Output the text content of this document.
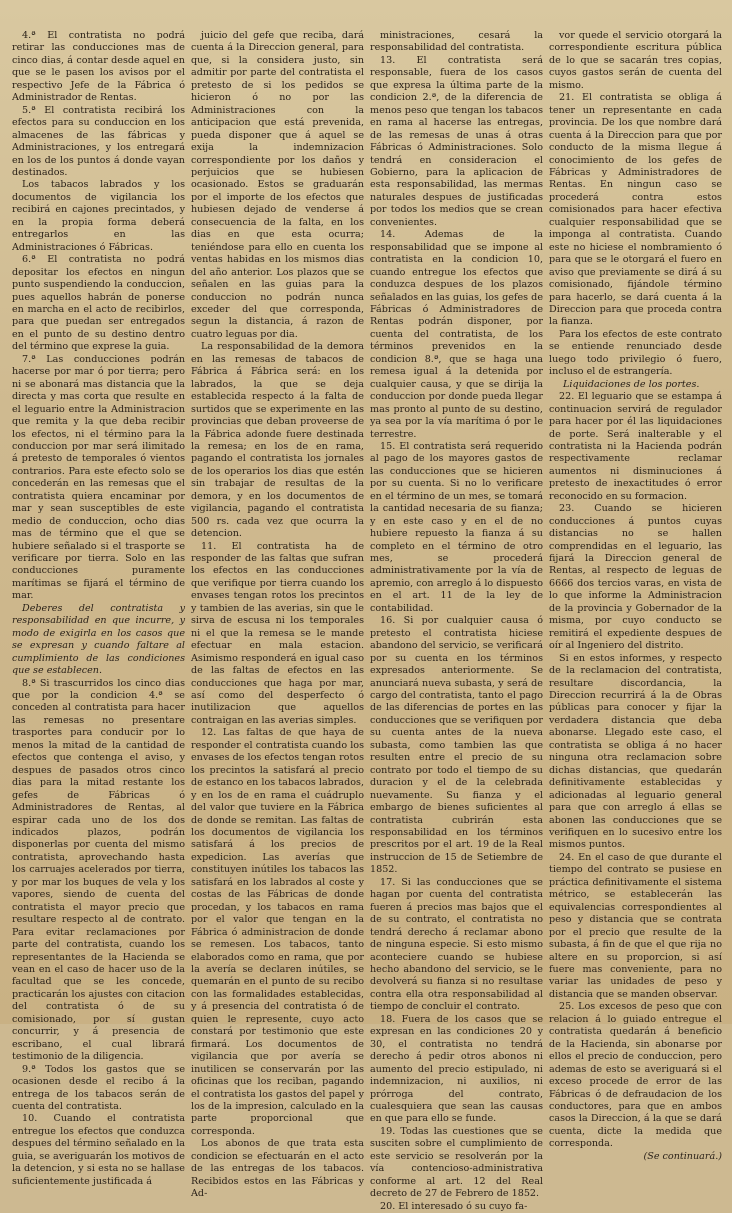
4.ª El contratista no podrá retirar las conducciones mas de cinco dias, á contar desde aquel en que se le pasen los avisos por el respectivo Jefe de la Fábrica ó Administrador de Rentas.

5.ª El contratista recibirá los efectos para su conduccion en los almacenes de las fábricas y Administraciones, y los entregará en los de los puntos á donde vayan destinados.

Los tabacos labrados y los documentos de vigilancia los recibirá en cajones precintados, y en la propia forma deberá entregarlos en las Administraciones ó Fábricas.

6.ª El contratista no podrá depositar los efectos en ningun punto suspendiendo la conduccion, pues aquellos habrán de ponerse en marcha en el acto de recibirlos, para que puedan ser entregados en el punto de su destino dentro del término que exprese la guia.

7.ª Las conducciones podrán hacerse por mar ó por tierra; pero ni se abonará mas distancia que la directa y mas corta que resulte en el leguario entre la Administracion que remita y la que deba recibir los efectos, ni el término para la conduccion por mar será ilimitado á pretesto de temporales ó vientos contrarios. Para este efecto solo se concederán en las remesas que el contratista quiera encaminar por mar y sean susceptibles de este medio de conduccion, ocho dias mas de término que el que se hubiere señalado si el trasporte se verificare por tierra. Solo en las conducciones puramente marítimas se fijará el término de mar.

Deberes del contratista y responsabilidad en que incurre, y modo de exigirla en los casos que se expresan y cuando faltare al cumplimiento de las condiciones que se establecen.

8.ª Si trascurridos los cinco dias que por la condicion 4.ª se conceden al contratista para hacer las remesas no presentare trasportes para conducir por lo menos la mitad de la cantidad de efectos que contenga el aviso, y despues de pasados otros cinco dias para la mitad restante los gefes de Fábricas ó Administradores de Rentas, al espirar cada uno de los dos indicados plazos, podrán disponerlas por cuenta del mismo contratista, aprovechando hasta los carruajes acelerados por tierra, y por mar los buques de vela y los vapores, siendo de cuenta del contratista el mayor precio que resultare respecto al de contrato. Para evitar reclamaciones por parte del contratista, cuando los representantes de la Hacienda se vean en el caso de hacer uso de la facultad que se les concede, practicarán los ajustes con citacion del contratista ó de su comisionado, por sí gustan concurrir, y á presencia de escribano, el cual librará testimonio de la diligencia.

9.ª Todos los gastos que se ocasionen desde el recibo á la entrega de los tabacos serán de cuenta del contratista.

10. Cuando el contratista entregue los efectos que conduzca despues del término señalado en la guia, se averiguarán los motivos de la detencion, y si esta no se hallase suficientemente justificada á

juicio del gefe que reciba, dará cuenta á la Direccion general, para que, si la considera justo, sin admitir por parte del contratista el pretesto de si los pedidos se hicieron ó no por las Administraciones con la anticipacion que está prevenida, pueda disponer que á aquel se exija la indemnizacion correspondiente por los daños y perjuicios que se hubiesen ocasionado. Estos se graduarán por el importe de los efectos que hubiesen dejado de venderse á consecuencia de la falta, en los dias en que esta ocurra; teniéndose para ello en cuenta los ventas habidas en los mismos dias del año anterior. Los plazos que se señalen en las guias para la conduccion no podrán nunca exceder del que corresponda, segun la distancia, á razon de cuatro leguas por dia.

La responsabilidad de la demora en las remesas de tabacos de Fábrica á Fábrica será: en los labrados, la que se deja establecida respecto á la falta de surtidos que se experimente en las provincias que deban proveerse de la Fábrica adonde fuere destinada la remesa; en los de en rama, pagando el contratista los jornales de los operarios los dias que estén sin trabajar de resultas de la demora, y en los documentos de vigilancia, pagando el contratista 500 rs. cada vez que ocurra la detencion.

11. El contratista ha de responder de las faltas que sufran los efectos en las conducciones que verifique por tierra cuando los envases tengan rotos los precintos y tambien de las averias, sin que le sirva de escusa ni los temporales ni el que la remesa se le mande efectuar en mala estacion. Asimismo responderá en igual caso de las faltas de efectos en las conducciones que haga por mar, así como del desperfecto ó inutilizacion que aquellos contraigan en las averias simples.

12. Las faltas de que haya de responder el contratista cuando los envases de los efectos tengan rotos los precintos la satisfará al precio de estanco en los tabacos labrados, y en los de en rama el cuádruplo del valor que tuviere en la Fábrica de donde se remitan. Las faltas de los documentos de vigilancia los satisfará á los precios de expedicion. Las averías que constituyen inútiles los tabacos las satisfará en los labrados al coste y costas de las Fábricas de donde procedan, y los tabacos en rama por el valor que tengan en la Fábrica ó administracion de donde se remesen. Los tabacos, tanto elaborados como en rama, que por la avería se declaren inútiles, se quemarán en el punto de su recibo con las formalidades establecidas, y á presencia del contratista ó de quien le represente, cuyo acto constará por testimonio que este firmará. Los documentos de vigilancia que por avería se inutilicen se conservarán por las oficinas que los reciban, pagando el contratista los gastos del papel y los de la impresion, calculado en la parte proporcional que corresponda.

Los abonos de que trata esta condicion se efectuarán en el acto de las entregas de los tabacos. Recibidos estos en las Fábricas y Ad-

ministraciones, cesará la responsabilidad del contratista.

13. El contratista será responsable, fuera de los casos que expresa la última parte de la condicion 2.ª, de la diferencia de menos peso que tengan los tabacos en rama al hacerse las entregas, de las remesas de unas á otras Fábricas ó Administraciones. Solo tendrá en consideracion el Gobierno, para la aplicacion de esta responsabilidad, las mermas naturales despues de justificadas por todos los medios que se crean convenientes.

14. Ademas de la responsabilidad que se impone al contratista en la condicion 10, cuando entregue los efectos que conduzca despues de los plazos señalados en las guias, los gefes de Fábricas ó Administradores de Rentas podrán disponer, por cuenta del contratista, de los términos prevenidos en la condicion 8.ª, que se haga una remesa igual á la detenida por cualquier causa, y que se dirija la conduccion por donde pueda llegar mas pronto al punto de su destino, ya sea por la vía marítima ó por le terrestre.

15. El contratista será requerido al pago de los mayores gastos de las conducciones que se hicieren por su cuenta. Si no lo verificare en el término de un mes, se tomará la cantidad necesaria de su fianza; y en este caso y en el de no hubiere repuesto la fianza á su completo en el término de otro mes, se procederá administrativamente por la vía de apremio, con arreglo á lo dispuesto en el art. 11 de la ley de contabilidad.

16. Si por cualquier causa ó pretesto el contratista hiciese abandono del servicio, se verificará por su cuenta en los términos expresados anteriormente. Se anunciará nueva subasta, y será de cargo del contratista, tanto el pago de las diferencias de portes en las conducciones que se verifiquen por su cuenta antes de la nueva subasta, como tambien las que resulten entre el precio de su contrato por todo el tiempo de su duracion y el de la celebrada nuevamente. Su fianza y el embargo de bienes suficientes al contratista cubrirán esta responsabilidad en los términos prescritos por el art. 19 de la Real instruccion de 15 de Setiembre de 1852.

17. Si las conducciones que se hagan por cuenta del contratista fueren á precios mas bajos que el de su contrato, el contratista no tendrá derecho á reclamar abono de ninguna especie. Si esto mismo aconteciere cuando se hubiese hecho abandono del servicio, se le devolverá su fianza si no resultase contra ella otra responsabilidad al tiempo de concluir el contrato.

18. Fuera de los casos que se expresan en las condiciones 20 y 30, el contratista no tendrá derecho á pedir otros abonos ni aumento del precio estipulado, ni indemnizacion, ni auxilios, ni prórroga del contrato, cualesquiera que sean las causas en que para ello se funde.

19. Todas las cuestiones que se susciten sobre el cumplimiento de este servicio se resolverán por la vía contencioso-administrativa conforme al art. 12 del Real decreto de 27 de Febrero de 1852.

20. El interesado ó su cuyo fa-

vor quede el servicio otorgará la correspondiente escritura pública de lo que se sacarán tres copias, cuyos gastos serán de cuenta del mismo.

21. El contratista se obliga á tener un representante en cada provincia. De los que nombre dará cuenta á la Direccion para que por conducto de la misma llegue á conocimiento de los gefes de Fábricas y Administradores de Rentas. En ningun caso se procederá contra estos comisionados para hacer efectiva cualquier responsabilidad que se imponga al contratista. Cuando este no hiciese el nombramiento ó para que se le otorgará el fuero en aviso que previamente se dirá á su comisionado, fijándole término para hacerlo, se dará cuenta á la Direccion para que proceda contra la fianza.

Para los efectos de este contrato se entiende renunciado desde luego todo privilegio ó fuero, incluso el de estrangería.

Liquidaciones de los portes.

22. El leguario que se estampa á continuacion servirá de regulador para hacer por él las liquidaciones de porte. Será inalterable y el contratista ni la Hacienda podrán respectivamente reclamar aumentos ni disminuciones á pretesto de inexactitudes ó error reconocido en su formacion.

23. Cuando se hicieren conducciones á puntos cuyas distancias no se hallen comprendidas en el leguario, las fijará la Direccion general de Rentas, al respecto de leguas de 6666 dos tercios varas, en vista de lo que informe la Administracion de la provincia y Gobernador de la misma, por cuyo conducto se remitirá el expediente despues de oír al Ingeniero del distrito.

Si en estos informes, y respecto de la reclamacion del contratista, resultare discordancia, la Direccion recurrirá á la de Obras públicas para conocer y fijar la verdadera distancia que deba abonarse. Llegado este caso, el contratista se obliga á no hacer ninguna otra reclamacion sobre dichas distancias, que quedarán definitivamente establecidas y adicionadas al leguario general para que con arreglo á ellas se abonen las conducciones que se verifiquen en lo sucesivo entre los mismos puntos.

24. En el caso de que durante el tiempo del contrato se pusiese en práctica definitivamente el sistema métrico, se establecerán las equivalencias correspondientes al peso y distancia que se contrata por el precio que resulte de la subasta, á fin de que el que rija no altere en su proporcion, si así fuere mas conveniente, para no variar las unidades de peso y distancia que se manden observar.

25. Los excesos de peso que con relacion á lo guiado entregue el contratista quedarán á beneficio de la Hacienda, sin abonarse por ellos el precio de conduccion, pero ademas de esto se averiguará si el exceso procede de error de las Fábricas ó de defraudacion de los conductores, para que en ambos casos la Direccion, á la que se dará cuenta, dicte la medida que corresponda.

(Se continuará.)
